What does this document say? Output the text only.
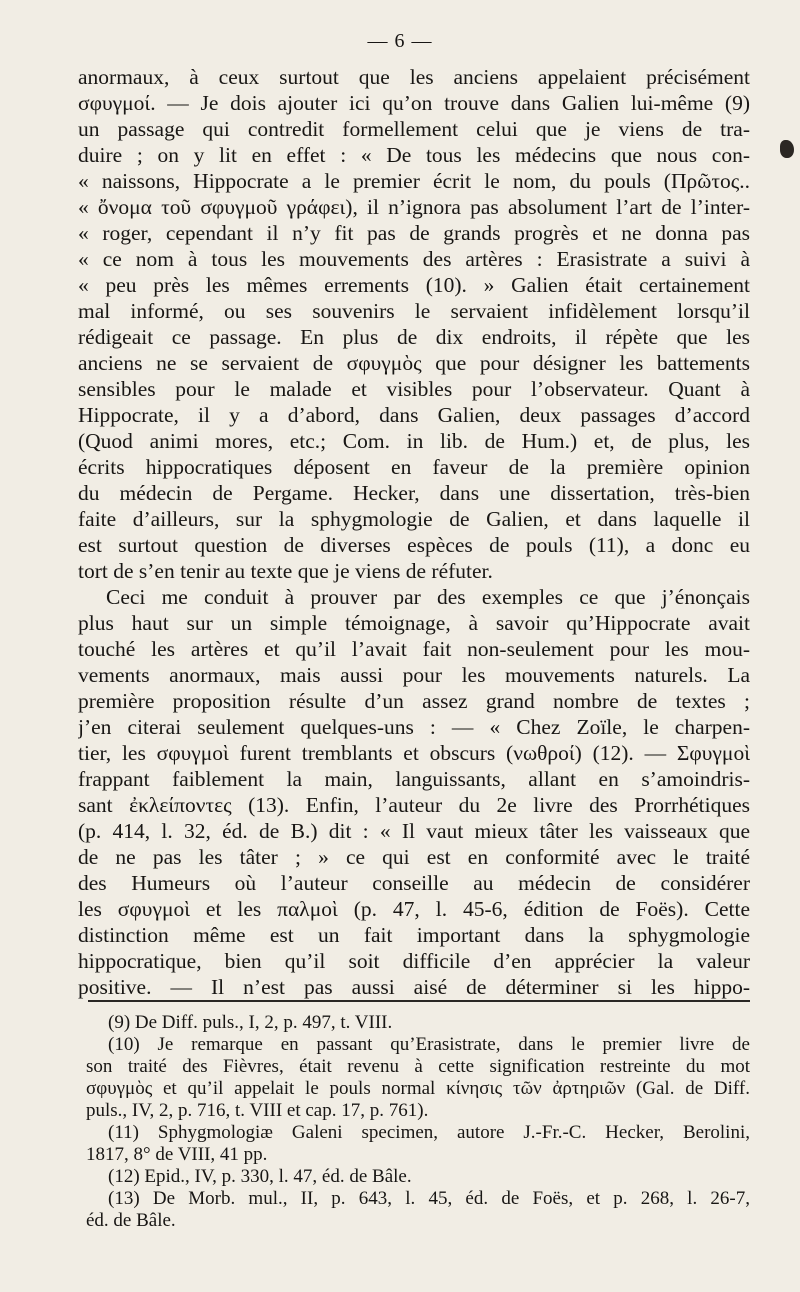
— 6 —
anormaux, à ceux surtout que les anciens appelaient précisément
σφυγμοί. — Je dois ajouter ici qu’on trouve dans Galien lui-même (9)
un passage qui contredit formellement celui que je viens de tra-
duire ; on y lit en effet : « De tous les médecins que nous con-
« naissons, Hippocrate a le premier écrit le nom, du pouls (Πρῶτος..
« ὄνομα τοῦ σφυγμοῦ γράφει), il n’ignora pas absolument l’art de l’inter-
« roger, cependant il n’y fit pas de grands progrès et ne donna pas
« ce nom à tous les mouvements des artères : Erasistrate a suivi à
« peu près les mêmes errements (10). » Galien était certainement
mal informé, ou ses souvenirs le servaient infidèlement lorsqu’il
rédigeait ce passage. En plus de dix endroits, il répète que les
anciens ne se servaient de σφυγμὸς que pour désigner les battements
sensibles pour le malade et visibles pour l’observateur. Quant à
Hippocrate, il y a d’abord, dans Galien, deux passages d’accord
(Quod animi mores, etc.; Com. in lib. de Hum.) et, de plus, les
écrits hippocratiques déposent en faveur de la première opinion
du médecin de Pergame. Hecker, dans une dissertation, très-bien
faite d’ailleurs, sur la sphygmologie de Galien, et dans laquelle il
est surtout question de diverses espèces de pouls (11), a donc eu
tort de s’en tenir au texte que je viens de réfuter.
Ceci me conduit à prouver par des exemples ce que j’énonçais
plus haut sur un simple témoignage, à savoir qu’Hippocrate avait
touché les artères et qu’il l’avait fait non-seulement pour les mou-
vements anormaux, mais aussi pour les mouvements naturels. La
première proposition résulte d’un assez grand nombre de textes ;
j’en citerai seulement quelques-uns : — « Chez Zoïle, le charpen-
tier, les σφυγμοὶ furent tremblants et obscurs (νωθροί) (12). — Σφυγμοὶ
frappant faiblement la main, languissants, allant en s’amoindris-
sant ἐκλείποντες (13). Enfin, l’auteur du 2e livre des Prorrhétiques
(p. 414, l. 32, éd. de B.) dit : « Il vaut mieux tâter les vaisseaux que
de ne pas les tâter ; » ce qui est en conformité avec le traité
des Humeurs où l’auteur conseille au médecin de considérer
les σφυγμοὶ et les παλμοὶ (p. 47, l. 45-6, édition de Foës). Cette
distinction même est un fait important dans la sphygmologie
hippocratique, bien qu’il soit difficile d’en apprécier la valeur
positive. — Il n’est pas aussi aisé de déterminer si les hippo-
(9) De Diff. puls., I, 2, p. 497, t. VIII.
(10) Je remarque en passant qu’Erasistrate, dans le premier livre de
son traité des Fièvres, était revenu à cette signification restreinte du mot
σφυγμὸς et qu’il appelait le pouls normal κίνησις τῶν ἀρτηριῶν (Gal. de Diff.
puls., IV, 2, p. 716, t. VIII et cap. 17, p. 761).
(11) Sphygmologiæ Galeni specimen, autore J.-Fr.-C. Hecker, Berolini,
1817, 8° de VIII, 41 pp.
(12) Epid., IV, p. 330, l. 47, éd. de Bâle.
(13) De Morb. mul., II, p. 643, l. 45, éd. de Foës, et p. 268, l. 26-7,
éd. de Bâle.
